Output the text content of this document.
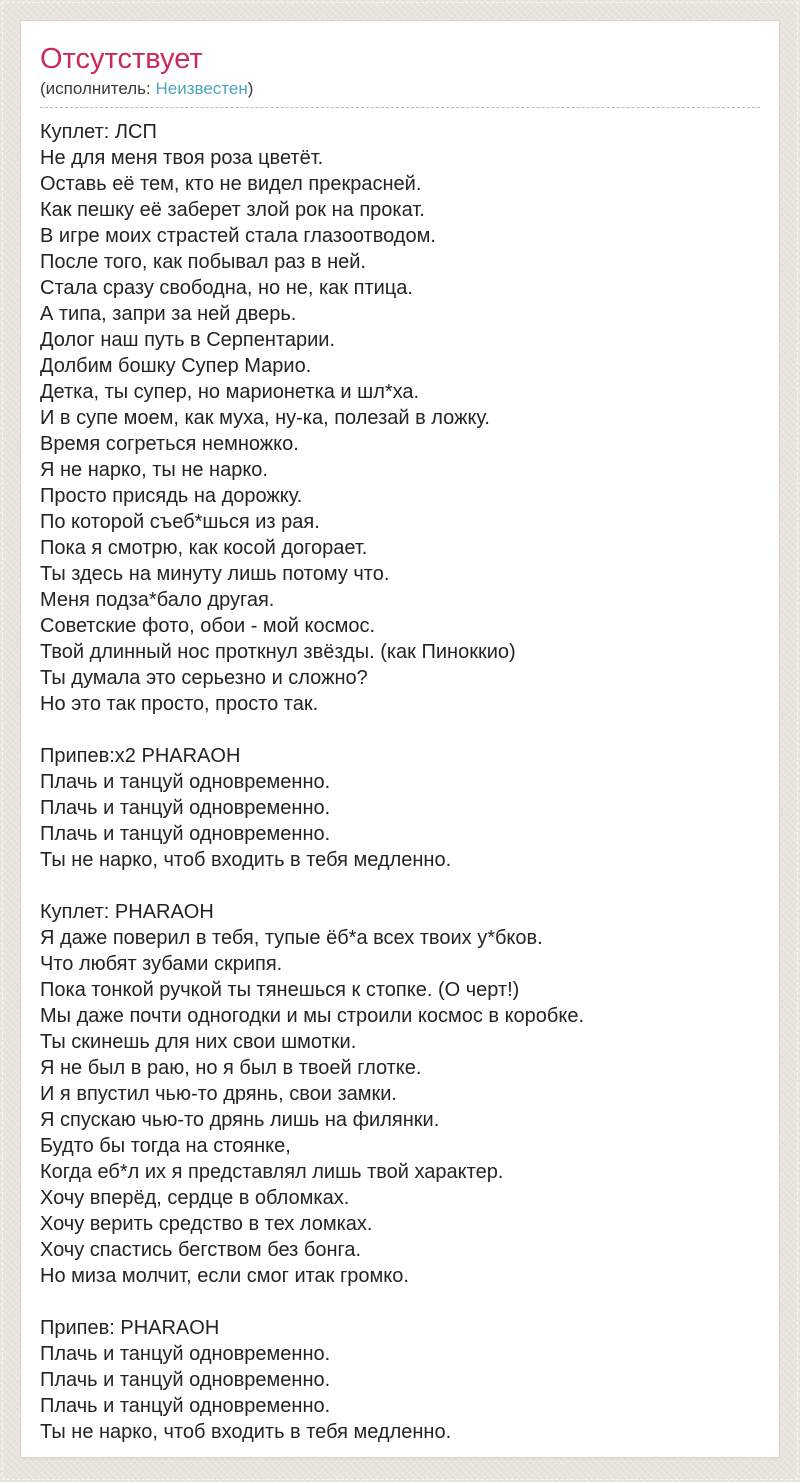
Отсутствует
(исполнитель: Неизвестен)
Куплет: ЛСП
Не для меня твоя роза цветёт.
Оставь её тем, кто не видел прекрасней.
Как пешку её заберет злой рок на прокат.
В игре моих страстей стала глазоотводом.
После того, как побывал раз в ней.
Стала сразу свободна, но не, как птица.
А типа, запри за ней дверь.
Долог наш путь в Серпентарии.
Долбим бошку Супер Марио.
Детка, ты супер, но марионетка и шл*ха.
И в супе моем, как муха, ну-ка, полезай в ложку.
Время согреться немножко.
Я не нарко, ты не нарко.
Просто присядь на дорожку.
По которой съеб*шься из рая.
Пока я смотрю, как косой догорает.
Ты здесь на минуту лишь потому что.
Меня подза*бало другая.
Советские фото, обои - мой космос.
Твой длинный нос проткнул звёзды. (как Пиноккио)
Ты думала это серьезно и сложно?
Но это так просто, просто так.
Припев:x2 PHARAOH
Плачь и танцуй одновременно.
Плачь и танцуй одновременно.
Плачь и танцуй одновременно.
Ты не нарко, чтоб входить в тебя медленно.
Куплет: PHARAOH
Я даже поверил в тебя, тупые ёб*а всех твоих у*бков.
Что любят зубами скрипя.
Пока тонкой ручкой ты тянешься к стопке. (О черт!)
Мы даже почти одногодки и мы строили космос в коробке.
Ты скинешь для них свои шмотки.
Я не был в раю, но я был в твоей глотке.
И я впустил чью-то дрянь, свои замки.
Я спускаю чью-то дрянь лишь на филянки.
Будто бы тогда на стоянке,
Когда еб*л их я представлял лишь твой характер.
Хочу вперёд, сердце в обломках.
Хочу верить средство в тех ломках.
Хочу спастись бегством без бонга.
Но миза молчит, если смог итак громко.
Припев: PHARAOH
Плачь и танцуй одновременно.
Плачь и танцуй одновременно.
Плачь и танцуй одновременно.
Ты не нарко, чтоб входить в тебя медленно.
